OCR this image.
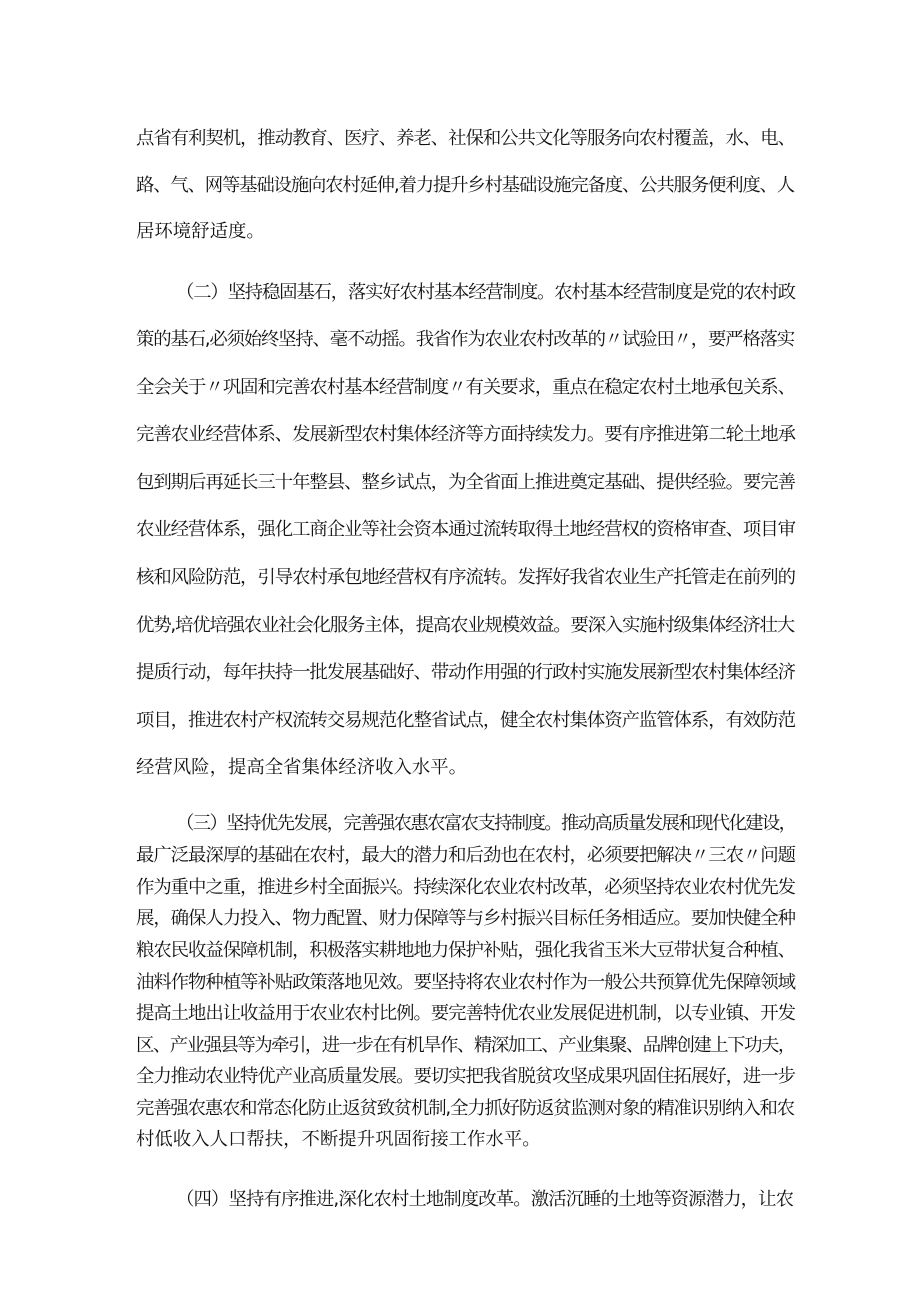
点省有利契机，推动教育、医疗、养老、社保和公共文化等服务向农村覆盖，水、电、
路、气、网等基础设施向农村延伸,着力提升乡村基础设施完备度、公共服务便利度、人
居环境舒适度。
（二）坚持稳固基石，落实好农村基本经营制度。农村基本经营制度是党的农村政
策的基石,必须始终坚持、毫不动摇。我省作为农业农村改革的〃试验田〃，要严格落实
全会关于〃巩固和完善农村基本经营制度〃有关要求，重点在稳定农村土地承包关系、
完善农业经营体系、发展新型农村集体经济等方面持续发力。要有序推进第二轮土地承
包到期后再延长三十年整县、整乡试点，为全省面上推进奠定基础、提供经验。要完善
农业经营体系，强化工商企业等社会资本通过流转取得土地经营权的资格审查、项目审
核和风险防范，引导农村承包地经营权有序流转。发挥好我省农业生产托管走在前列的
优势,培优培强农业社会化服务主体，提高农业规模效益。要深入实施村级集体经济壮大
提质行动，每年扶持一批发展基础好、带动作用强的行政村实施发展新型农村集体经济
项目，推进农村产权流转交易规范化整省试点，健全农村集体资产监管体系，有效防范
经营风险，提高全省集体经济收入水平。
（三）坚持优先发展，完善强农惠农富农支持制度。推动高质量发展和现代化建设，
最广泛最深厚的基础在农村，最大的潜力和后劲也在农村，必须要把解决〃三农〃问题
作为重中之重，推进乡村全面振兴。持续深化农业农村改革，必须坚持农业农村优先发
展，确保人力投入、物力配置、财力保障等与乡村振兴目标任务相适应。要加快健全种
粮农民收益保障机制，积极落实耕地地力保护补贴，强化我省玉米大豆带状复合种植、
油料作物种植等补贴政策落地见效。要坚持将农业农村作为一般公共预算优先保障领域
提高土地出让收益用于农业农村比例。要完善特优农业发展促进机制，以专业镇、开发
区、产业强县等为牵引，进一步在有机旱作、精深加工、产业集聚、品牌创建上下功夫，
全力推动农业特优产业高质量发展。要切实把我省脱贫攻坚成果巩固住拓展好，进一步
完善强农惠农和常态化防止返贫致贫机制,全力抓好防返贫监测对象的精准识别纳入和农
村低收入人口帮扶，不断提升巩固衔接工作水平。
（四）坚持有序推进,深化农村土地制度改革。激活沉睡的土地等资源潜力，让农
